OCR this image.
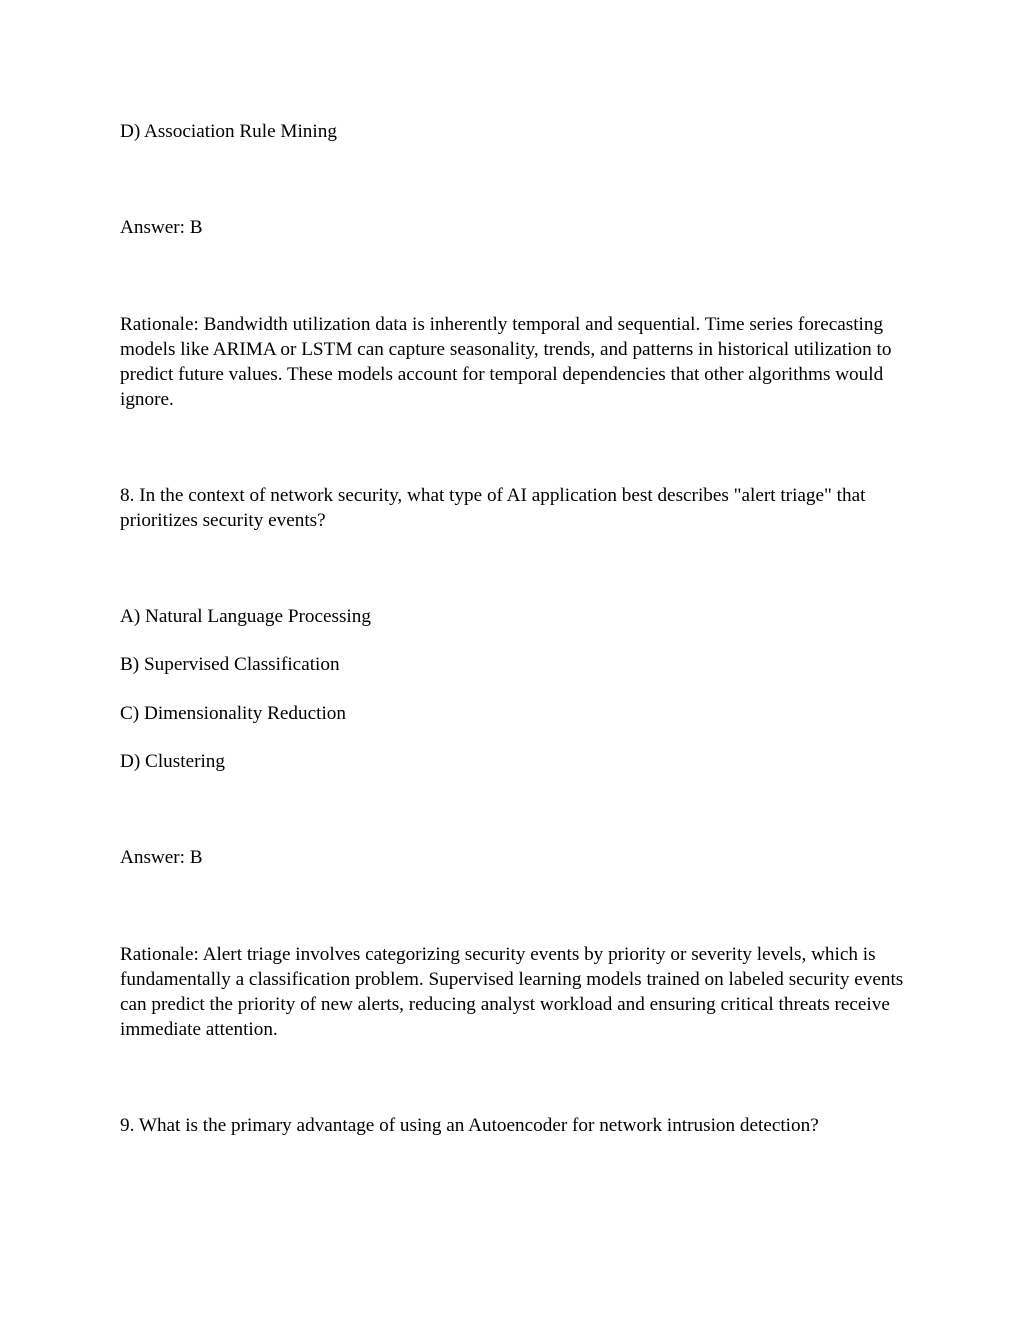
D) Association Rule Mining

Answer: B

Rationale: Bandwidth utilization data is inherently temporal and sequential. Time series forecasting models like ARIMA or LSTM can capture seasonality, trends, and patterns in historical utilization to predict future values. These models account for temporal dependencies that other algorithms would ignore.

8. In the context of network security, what type of AI application best describes "alert triage" that prioritizes security events?

A) Natural Language Processing

B) Supervised Classification

C) Dimensionality Reduction

D) Clustering

Answer: B

Rationale: Alert triage involves categorizing security events by priority or severity levels, which is fundamentally a classification problem. Supervised learning models trained on labeled security events can predict the priority of new alerts, reducing analyst workload and ensuring critical threats receive immediate attention.

9. What is the primary advantage of using an Autoencoder for network intrusion detection?
